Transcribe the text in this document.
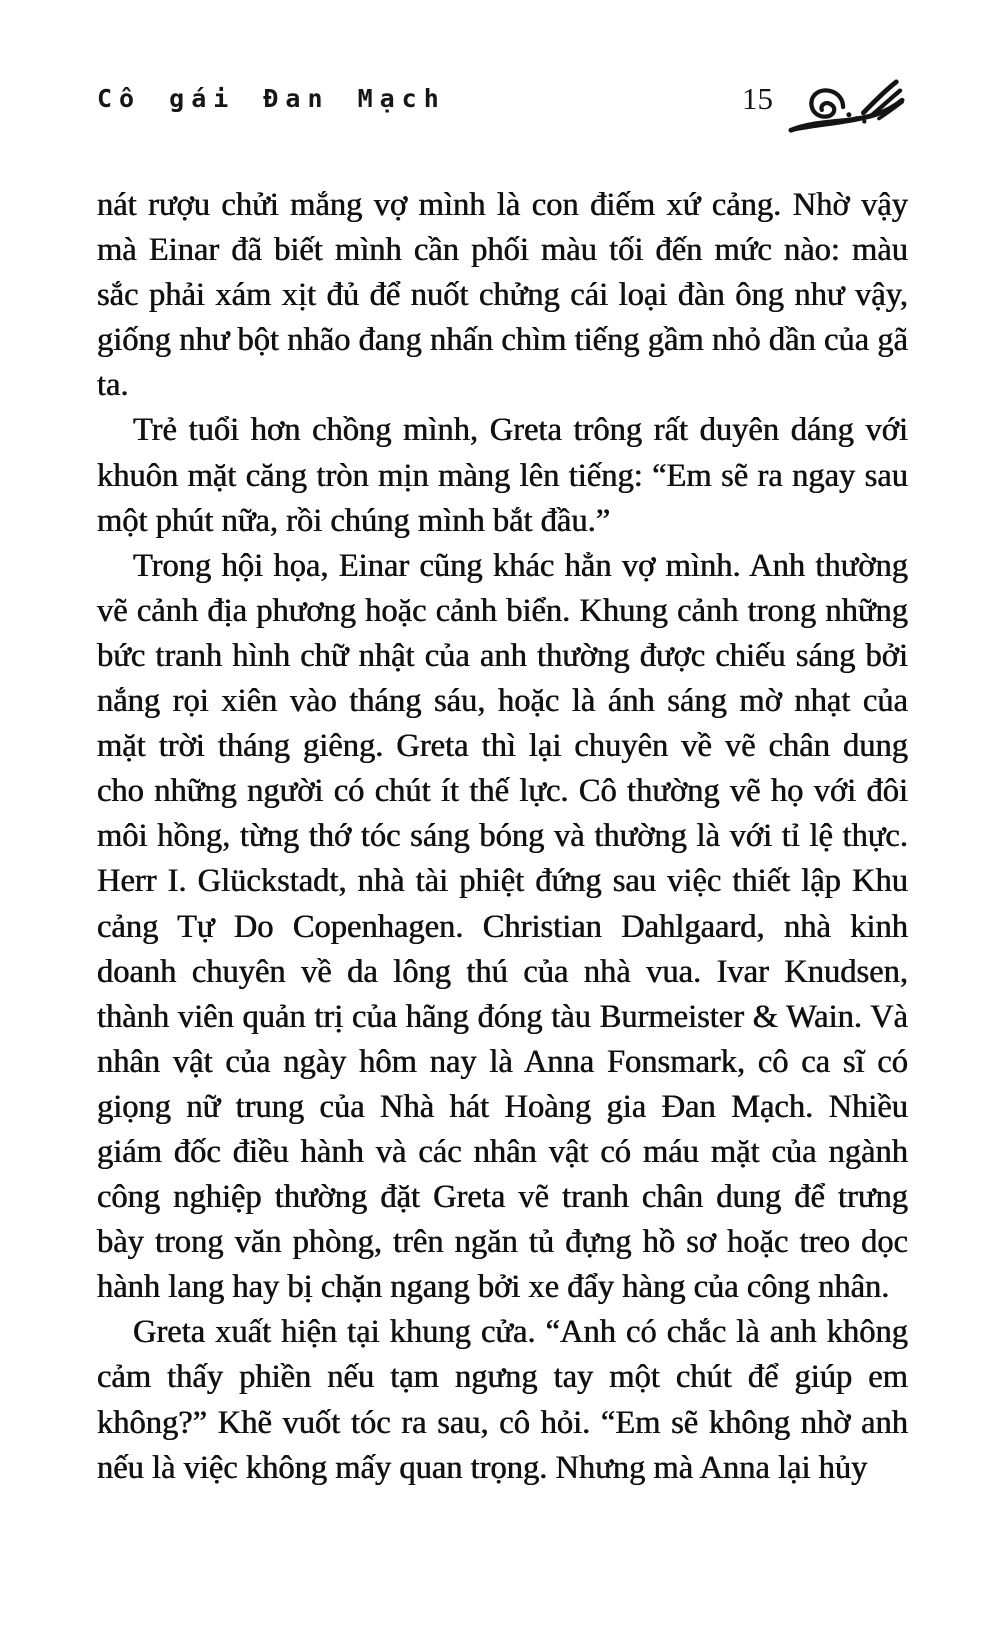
Cô gái Đan Mạch	15

nát rượu chửi mắng vợ mình là con điếm xứ cảng. Nhờ vậy mà Einar đã biết mình cần phối màu tối đến mức nào: màu sắc phải xám xịt đủ để nuốt chửng cái loại đàn ông như vậy, giống như bột nhão đang nhấn chìm tiếng gầm nhỏ dần của gã ta.

Trẻ tuổi hơn chồng mình, Greta trông rất duyên dáng với khuôn mặt căng tròn mịn màng lên tiếng: “Em sẽ ra ngay sau một phút nữa, rồi chúng mình bắt đầu.”

Trong hội họa, Einar cũng khác hẳn vợ mình. Anh thường vẽ cảnh địa phương hoặc cảnh biển. Khung cảnh trong những bức tranh hình chữ nhật của anh thường được chiếu sáng bởi nắng rọi xiên vào tháng sáu, hoặc là ánh sáng mờ nhạt của mặt trời tháng giêng. Greta thì lại chuyên về vẽ chân dung cho những người có chút ít thế lực. Cô thường vẽ họ với đôi môi hồng, từng thớ tóc sáng bóng và thường là với tỉ lệ thực. Herr I. Glückstadt, nhà tài phiệt đứng sau việc thiết lập Khu cảng Tự Do Copenhagen. Christian Dahlgaard, nhà kinh doanh chuyên về da lông thú của nhà vua. Ivar Knudsen, thành viên quản trị của hãng đóng tàu Burmeister & Wain. Và nhân vật của ngày hôm nay là Anna Fonsmark, cô ca sĩ có giọng nữ trung của Nhà hát Hoàng gia Đan Mạch. Nhiều giám đốc điều hành và các nhân vật có máu mặt của ngành công nghiệp thường đặt Greta vẽ tranh chân dung để trưng bày trong văn phòng, trên ngăn tủ đựng hồ sơ hoặc treo dọc hành lang hay bị chặn ngang bởi xe đẩy hàng của công nhân.

Greta xuất hiện tại khung cửa. “Anh có chắc là anh không cảm thấy phiền nếu tạm ngưng tay một chút để giúp em không?” Khẽ vuốt tóc ra sau, cô hỏi. “Em sẽ không nhờ anh nếu là việc không mấy quan trọng. Nhưng mà Anna lại hủy
